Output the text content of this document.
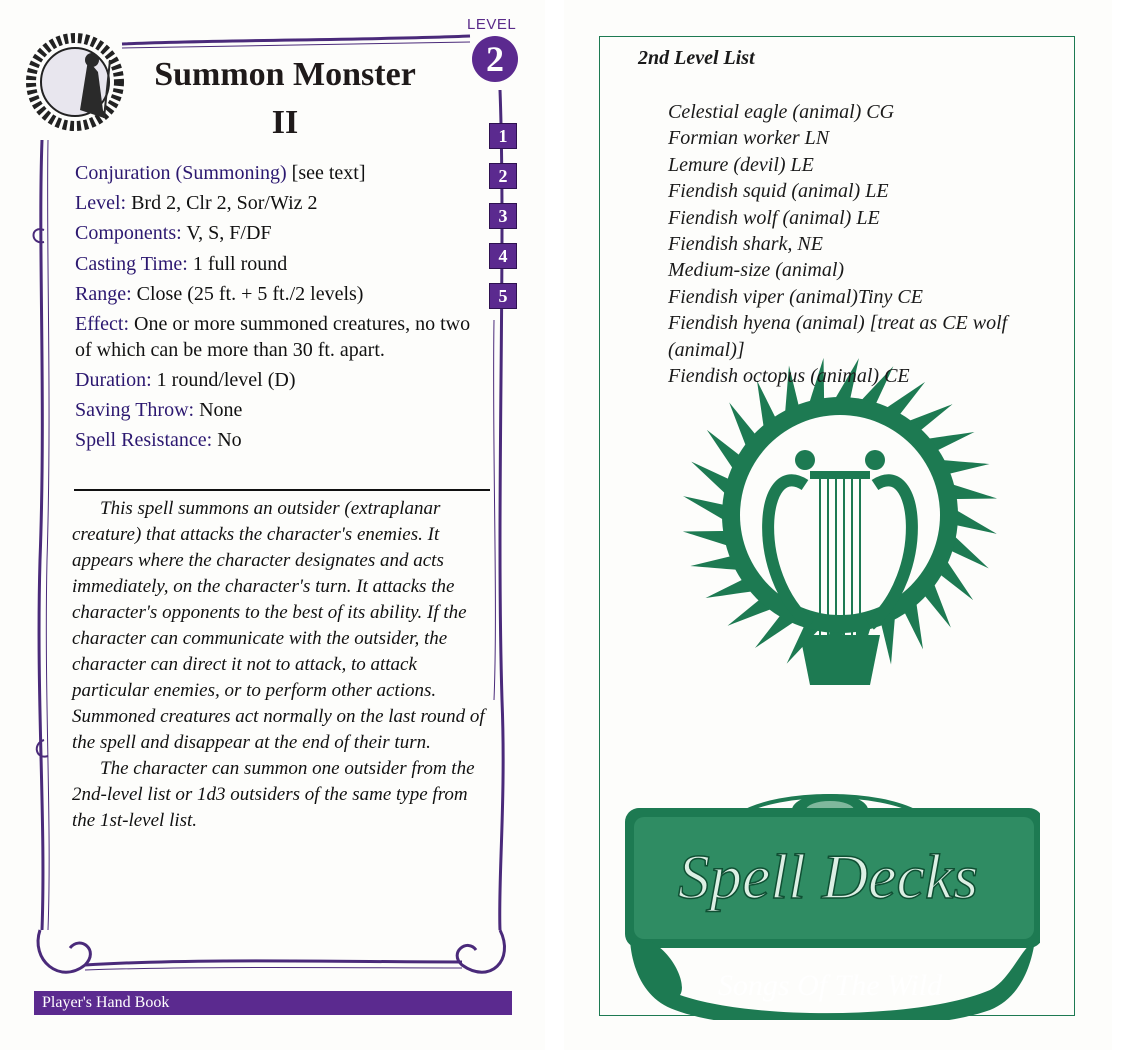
Summon Monster
II
LEVEL
2
1
2
3
4
5
Conjuration (Summoning) [see text]
Level: Brd 2, Clr 2, Sor/Wiz 2
Components: V, S, F/DF
Casting Time: 1 full round
Range: Close (25 ft. + 5 ft./2 levels)
Effect: One or more summoned creatures, no two of which can be more than 30 ft. apart.
Duration: 1 round/level (D)
Saving Throw: None
Spell Resistance: No

This spell summons an outsider (extraplanar creature) that attacks the character's enemies. It appears where the character designates and acts immediately, on the character's turn. It attacks the character's opponents to the best of its ability. If the character can communicate with the outsider, the character can direct it not to attack, to attack particular enemies, or to perform other actions. Summoned creatures act normally on the last round of the spell and disappear at the end of their turn.

The character can summon one outsider from the 2nd-level list or 1d3 outsiders of the same type from the 1st-level list.

Player's Hand Book
2nd Level List
Celestial eagle (animal) CG
Formian worker LN
Lemure (devil) LE
Fiendish squid (animal) LE
Fiendish wolf (animal) LE
Fiendish shark, NE
Medium-size (animal)
Fiendish viper (animal)Tiny CE
Fiendish hyena (animal) [treat as CE wolf (animal)]
Fiendish octopus (animal) CE
Spell Decks
Songs Of The Wild
